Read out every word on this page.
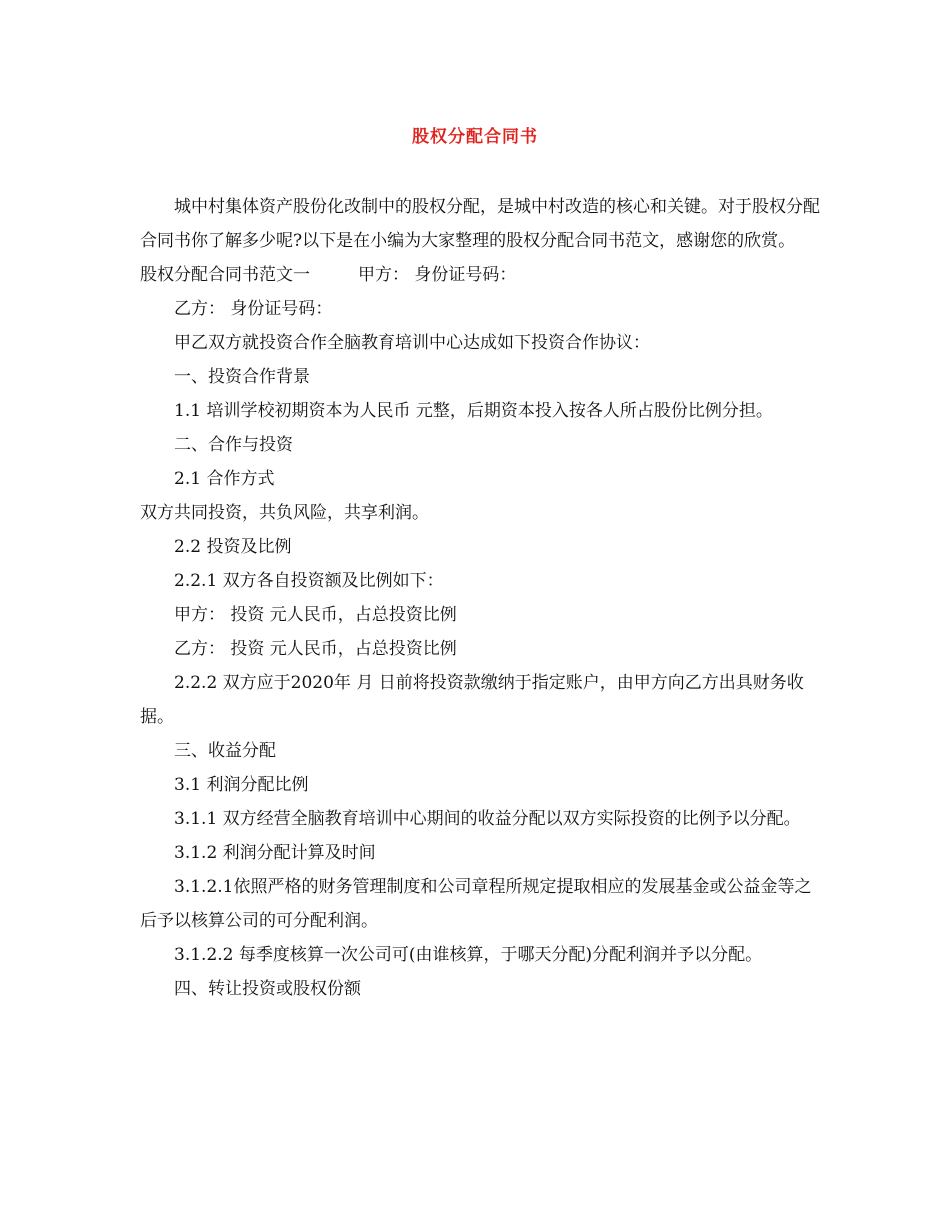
股权分配合同书

城中村集体资产股份化改制中的股权分配，是城中村改造的核心和关键。对于股权分配合同书你了解多少呢?以下是在小编为大家整理的股权分配合同书范文，感谢您的欣赏。

股权分配合同书范文一	甲方： 身份证号码：

乙方： 身份证号码：

甲乙双方就投资合作全脑教育培训中心达成如下投资合作协议：

一、投资合作背景

1.1 培训学校初期资本为人民币 元整，后期资本投入按各人所占股份比例分担。

二、合作与投资

2.1 合作方式

双方共同投资，共负风险，共享利润。

2.2 投资及比例

2.2.1 双方各自投资额及比例如下：

甲方： 投资 元人民币，占总投资比例

乙方： 投资 元人民币，占总投资比例

2.2.2 双方应于2020年 月 日前将投资款缴纳于指定账户，由甲方向乙方出具财务收据。

三、收益分配

3.1 利润分配比例

3.1.1 双方经营全脑教育培训中心期间的收益分配以双方实际投资的比例予以分配。

3.1.2 利润分配计算及时间

3.1.2.1依照严格的财务管理制度和公司章程所规定提取相应的发展基金或公益金等之后予以核算公司的可分配利润。

3.1.2.2 每季度核算一次公司可(由谁核算，于哪天分配)分配利润并予以分配。

四、转让投资或股权份额
